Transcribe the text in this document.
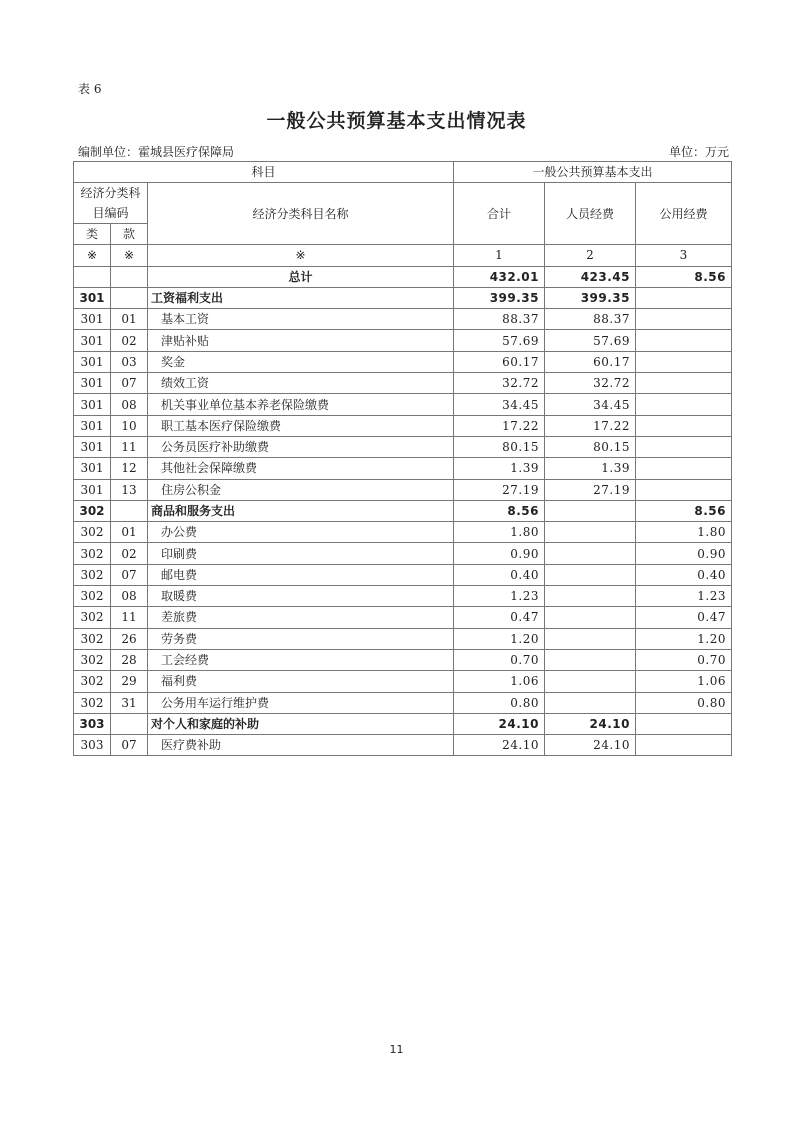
表 6
一般公共预算基本支出情况表
编制单位：霍城县医疗保障局	单位：万元
科目			一般公共预算基本支出		

经济分类科
目编码		经济分类科目名称	合计	人员经费	公用经费
类	款				
※	※	※	1	2	3
		总计	432.01	423.45	8.56
301		工资福利支出	399.35	399.35	
301	01	基本工资	88.37	88.37	
301	02	津贴补贴	57.69	57.69	
301	03	奖金	60.17	60.17	
301	07	绩效工资	32.72	32.72	
301	08	机关事业单位基本养老保险缴费	34.45	34.45	
301	10	职工基本医疗保险缴费	17.22	17.22	
301	11	公务员医疗补助缴费	80.15	80.15	
301	12	其他社会保障缴费	1.39	1.39	
301	13	住房公积金	27.19	27.19	
302		商品和服务支出	8.56		8.56
302	01	办公费	1.80		1.80
302	02	印刷费	0.90		0.90
302	07	邮电费	0.40		0.40
302	08	取暖费	1.23		1.23
302	11	差旅费	0.47		0.47
302	26	劳务费	1.20		1.20
302	28	工会经费	0.70		0.70
302	29	福利费	1.06		1.06
302	31	公务用车运行维护费	0.80		0.80
303		对个人和家庭的补助	24.10	24.10	
303	07	医疗费补助	24.10	24.10	
11
